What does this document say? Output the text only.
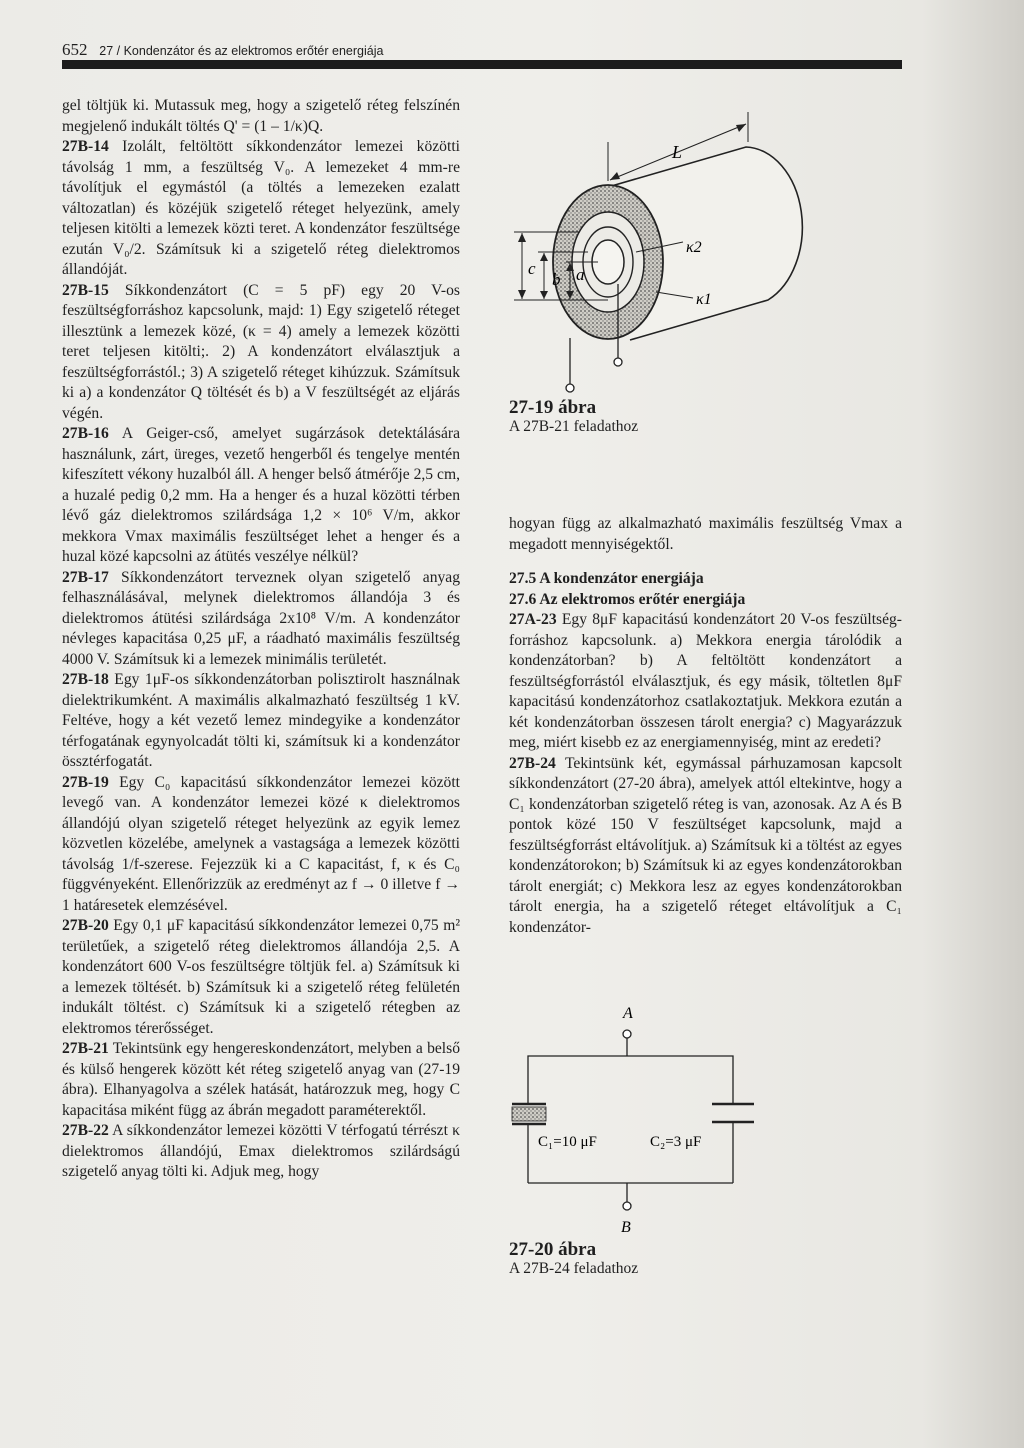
652 27 / Kondenzátor és az elektromos erőtér energiája

gel töltjük ki. Mutassuk meg, hogy a szigetelő réteg felszínén megjelenő indukált töltés Q' = (1 – 1/κ)Q.

27B-14 Izolált, feltöltött síkkondenzátor lemezei közötti távolság 1 mm, a feszültség V₀. A lemezeket 4 mm-re távolítjuk el egymástól (a töltés a lemezeken ezalatt változatlan) és közéjük szigetelő réteget helyezünk, amely teljesen kitölti a lemezek közti teret. A kondenzátor feszültsége ezután V₀/2. Számítsuk ki a szigetelő réteg dielektromos állandóját.

27B-15 Síkkondenzátort (C = 5 pF) egy 20 V-os feszültségforráshoz kapcsolunk, majd: 1) Egy szigetelő réteget illesztünk a lemezek közé, (κ = 4) amely a lemezek közötti teret teljesen kitölti;. 2) A kondenzátort elválasztjuk a feszültségforrástól.; 3) A szigetelő réteget kihúzzuk. Számítsuk ki a) a kondenzátor Q töltését és b) a V feszültségét az eljárás végén.

27B-16 A Geiger-cső, amelyet sugárzások detektálására használunk, zárt, üreges, vezető hengerből és tengelye mentén kifeszített vékony huzalból áll. A henger belső átmérője 2,5 cm, a huzalé pedig 0,2 mm. Ha a henger és a huzal közötti térben lévő gáz dielektromos szilárdsága 1,2 × 10⁶ V/m, akkor mekkora Vmax maximális feszültséget lehet a henger és a huzal közé kapcsolni az átütés veszélye nélkül?

27B-17 Síkkondenzátort terveznek olyan szigetelő anyag felhasználásával, melynek dielektromos állandója 3 és dielektromos átütési szilárdsága 2x10⁸ V/m. A kondenzátor névleges kapacitása 0,25 μF, a ráadható maximális feszültség 4000 V. Számítsuk ki a lemezek minimális területét.

27B-18 Egy 1μF-os síkkondenzátorban polisztirolt használnak dielektrikumként. A maximális alkalmazható feszültség 1 kV. Feltéve, hogy a két vezető lemez mindegyike a kondenzátor térfogatának egynyolcadát tölti ki, számítsuk ki a kondenzátor össztérfogatát.

27B-19 Egy C₀ kapacitású síkkondenzátor lemezei között levegő van. A kondenzátor lemezei közé κ dielektromos állandójú olyan szigetelő réteget helyezünk az egyik lemez közvetlen közelébe, amelynek a vastagsága a lemezek közötti távolság 1/f-szerese. Fejezzük ki a C kapacitást, f, κ és C₀ függvényeként. Ellenőrizzük az eredményt az f → 0 illetve f → 1 határesetek elemzésével.

27B-20 Egy 0,1 μF kapacitású síkkondenzátor lemezei 0,75 m² területűek, a szigetelő réteg dielektromos állandója 2,5. A kondenzátort 600 V-os feszültségre töltjük fel. a) Számítsuk ki a lemezek töltését. b) Számítsuk ki a szigetelő réteg felületén indukált töltést. c) Számítsuk ki a szigetelő rétegben az elektromos térerősséget.

27B-21 Tekintsünk egy hengereskondenzátort, melyben a belső és külső hengerek között két réteg szigetelő anyag van (27-19 ábra). Elhanyagolva a szélek hatását, határozzuk meg, hogy C kapacitása miként függ az ábrán megadott paraméterektől.

27B-22 A síkkondenzátor lemezei közötti V térfogatú térrészt κ dielektromos állandójú, Emax dielektromos szilárdságú szigetelő anyag tölti ki. Adjuk meg, hogy

L
c
b a
κ2
κ1
27-19 ábra
A 27B-21 feladathoz

hogyan függ az alkalmazható maximális feszültség Vmax a megadott mennyiségektől.

27.5 A kondenzátor energiája

27.6 Az elektromos erőtér energiája

27A-23 Egy 8μF kapacitású kondenzátort 20 V-os feszültség-forráshoz kapcsolunk. a) Mekkora energia tárolódik a kondenzátorban? b) A feltöltött kondenzátort a feszültségforrástól elválasztjuk, és egy másik, töltetlen 8μF kapacitású kondenzátorhoz csatlakoztatjuk. Mekkora ezután a két kondenzátorban összesen tárolt energia? c) Magyarázzuk meg, miért kisebb ez az energiamennyiség, mint az eredeti?

27B-24 Tekintsünk két, egymással párhuzamosan kapcsolt síkkondenzátort (27-20 ábra), amelyek attól eltekintve, hogy a C₁ kondenzátorban szigetelő réteg is van, azonosak. Az A és B pontok közé 150 V feszültséget kapcsolunk, majd a feszültségforrást eltávolítjuk. a) Számítsuk ki a töltést az egyes kondenzátorokon; b) Számítsuk ki az egyes kondenzátorokban tárolt energiát; c) Mekkora lesz az egyes kondenzátorokban tárolt energia, ha a szigetelő réteget eltávolítjuk a C₁ kondenzátor-

A
C₁=10 μF	C₂=3 μF
B
27-20 ábra
A 27B-24 feladathoz
